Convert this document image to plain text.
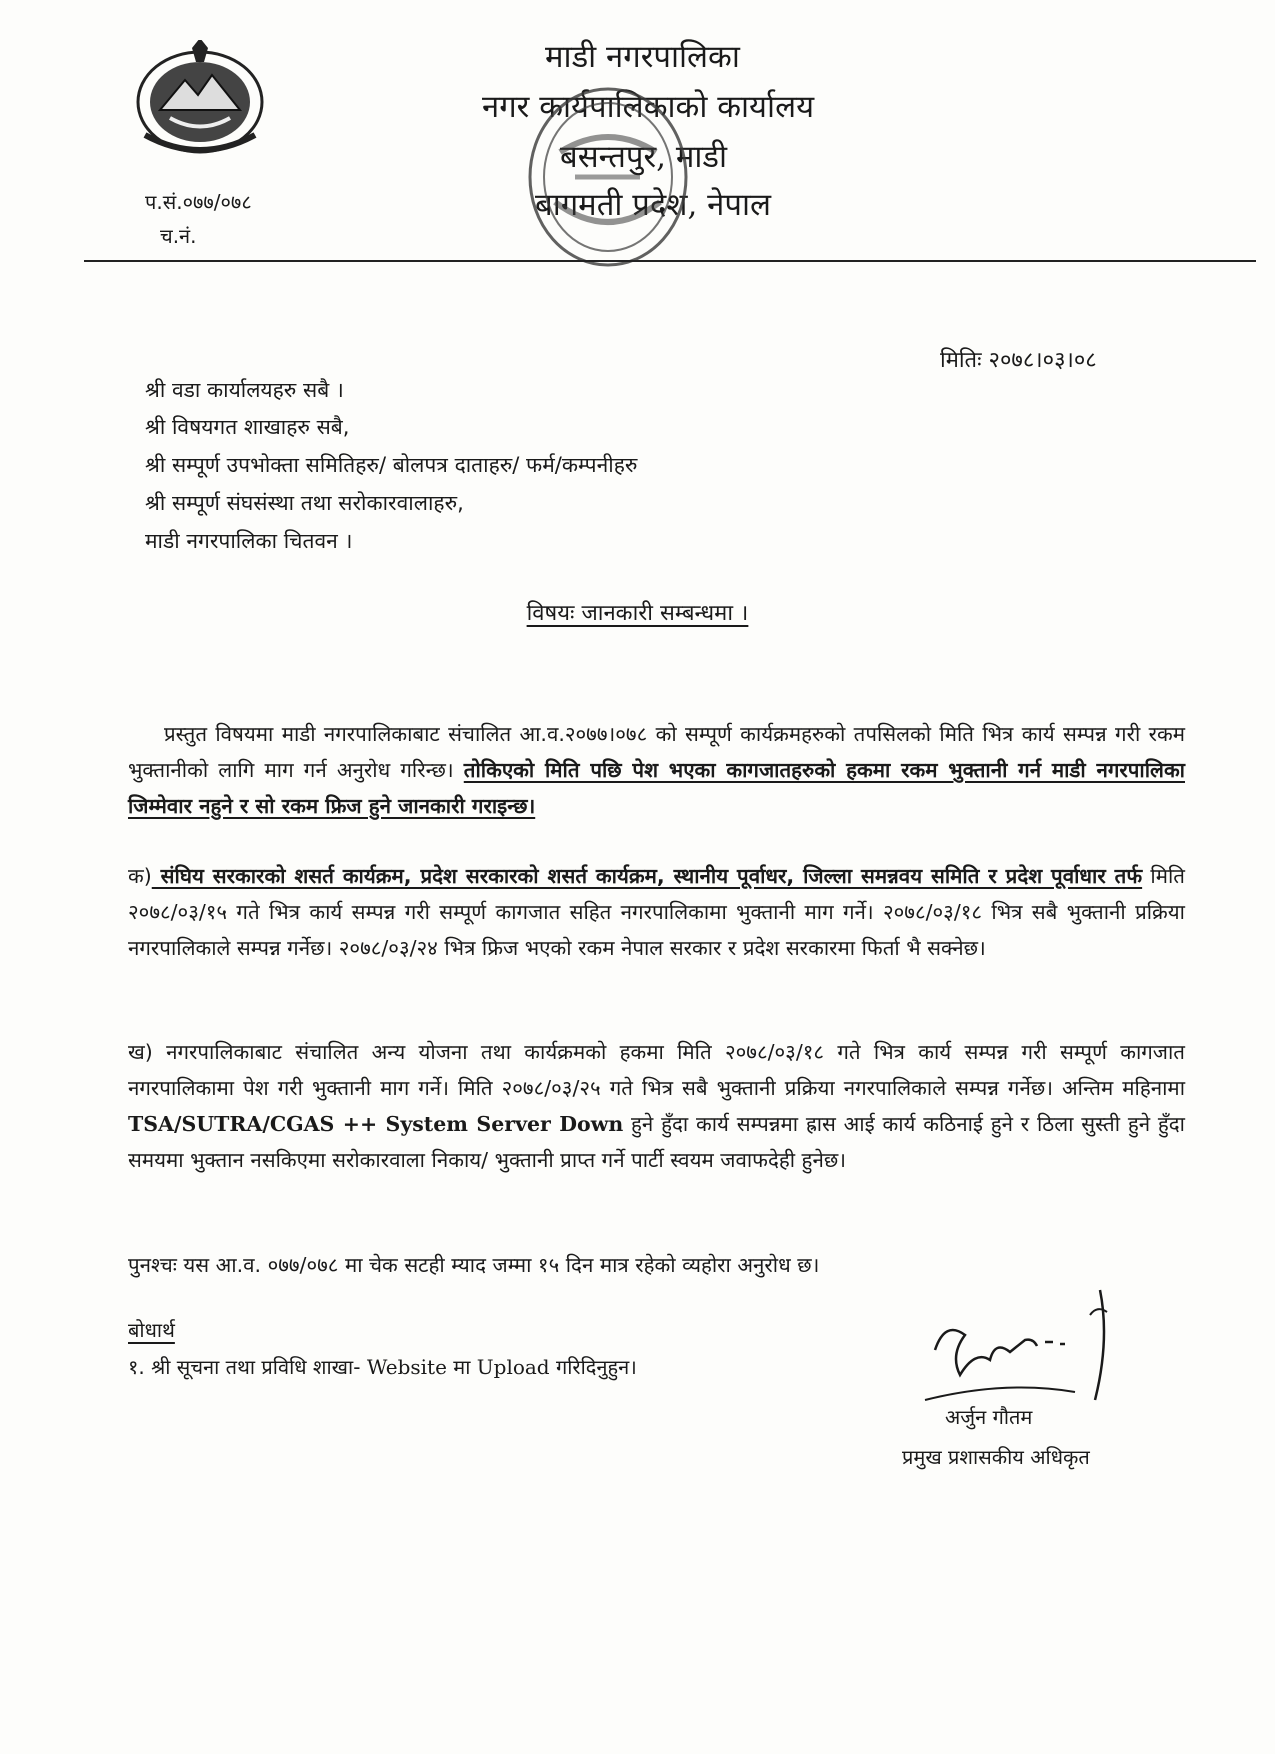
माडी नगरपालिका
नगर कार्यपालिकाको कार्यालय
बसन्तपुर, माडी
बागमती प्रदेश, नेपाल
प.सं.०७७/०७८
च.नं.
मितिः २०७८।०३।०८
श्री वडा कार्यालयहरु सबै ।
श्री विषयगत शाखाहरु सबै,
श्री सम्पूर्ण उपभोक्ता समितिहरु/ बोलपत्र दाताहरु/ फर्म/कम्पनीहरु
श्री सम्पूर्ण संघसंस्था तथा सरोकारवालाहरु,
माडी नगरपालिका चितवन ।
विषयः जानकारी सम्बन्धमा ।
प्रस्तुत विषयमा माडी नगरपालिकाबाट संचालित आ.व.२०७७।०७८ को सम्पूर्ण कार्यक्रमहरुको तपसिलको मिति भित्र कार्य सम्पन्न गरी रकम भुक्तानीको लागि माग गर्न अनुरोध गरिन्छ। तोकिएको मिति पछि पेश भएका कागजातहरुको हकमा रकम भुक्तानी गर्न माडी नगरपालिका जिम्मेवार नहुने र सो रकम फ्रिज हुने जानकारी गराइन्छ।
क) संघिय सरकारको शसर्त कार्यक्रम, प्रदेश सरकारको शसर्त कार्यक्रम, स्थानीय पूर्वाधर, जिल्ला समन्नवय समिति र प्रदेश पूर्वाधार तर्फ मिति २०७८/०३/१५ गते भित्र कार्य सम्पन्न गरी सम्पूर्ण कागजात सहित नगरपालिकामा भुक्तानी माग गर्ने। २०७८/०३/१८ भित्र सबै भुक्तानी प्रक्रिया नगरपालिकाले सम्पन्न गर्नेछ। २०७८/०३/२४ भित्र फ्रिज भएको रकम नेपाल सरकार र प्रदेश सरकारमा फिर्ता भै सक्नेछ।
ख) नगरपालिकाबाट संचालित अन्य योजना तथा कार्यक्रमको हकमा मिति २०७८/०३/१८ गते भित्र कार्य सम्पन्न गरी सम्पूर्ण कागजात नगरपालिकामा पेश गरी भुक्तानी माग गर्ने। मिति २०७८/०३/२५ गते भित्र सबै भुक्तानी प्रक्रिया नगरपालिकाले सम्पन्न गर्नेछ। अन्तिम महिनामा TSA/SUTRA/CGAS ++ System Server Down हुने हुँदा कार्य सम्पन्नमा ह्रास आई कार्य कठिनाई हुने र ठिला सुस्ती हुने हुँदा समयमा भुक्तान नसकिएमा सरोकारवाला निकाय/ भुक्तानी प्राप्त गर्ने पार्टी स्वयम जवाफदेही हुनेछ।
पुनश्चः यस आ.व. ०७७/०७८ मा चेक सटही म्याद जम्मा १५ दिन मात्र रहेको व्यहोरा अनुरोध छ।
बोधार्थ
१. श्री सूचना तथा प्रविधि शाखा- Website मा Upload गरिदिनुहुन।
अर्जुन गौतम
प्रमुख प्रशासकीय अधिकृत
